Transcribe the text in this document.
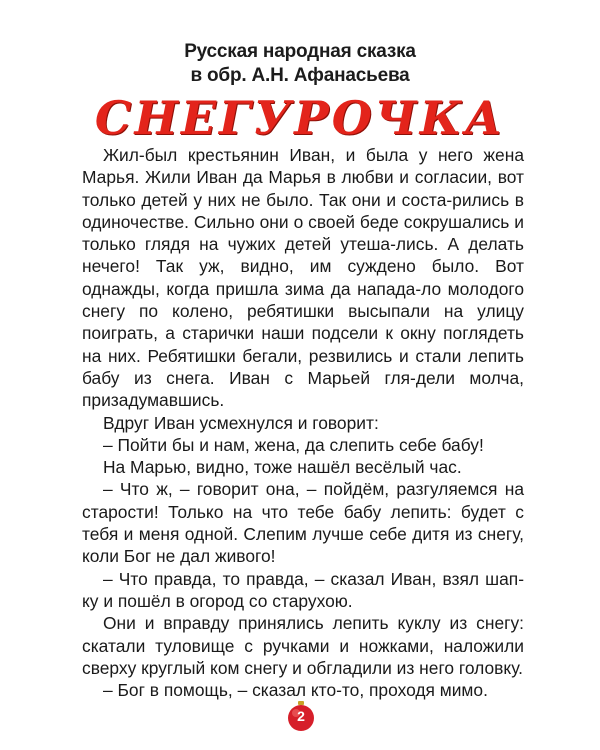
Русская народная сказка
в обр. А.Н. Афанасьева
СНЕГУРОЧКА

Жил-был крестьянин Иван, и была у него жена Марья. Жили Иван да Марья в любви и согласии, вот только детей у них не было. Так они и соста-рились в одиночестве. Сильно они о своей беде сокрушались и только глядя на чужих детей утеша-лись. А делать нечего! Так уж, видно, им суждено было. Вот однажды, когда пришла зима да напада-ло молодого снегу по колено, ребятишки высыпали на улицу поиграть, а старички наши подсели к окну поглядеть на них. Ребятишки бегали, резвились и стали лепить бабу из снега. Иван с Марьей гля-дели молча, призадумавшись.

Вдруг Иван усмехнулся и говорит:

– Пойти бы и нам, жена, да слепить себе бабу!

На Марью, видно, тоже нашёл весёлый час.

– Что ж, – говорит она, – пойдём, разгуляемся на старости! Только на что тебе бабу лепить: будет с тебя и меня одной. Слепим лучше себе дитя из снегу, коли Бог не дал живого!

– Что правда, то правда, – сказал Иван, взял шап-ку и пошёл в огород со старухою.

Они и вправду принялись лепить куклу из снегу: скатали туловище с ручками и ножками, наложили сверху круглый ком снегу и обгладили из него головку.

– Бог в помощь, – сказал кто-то, проходя мимо.

2
